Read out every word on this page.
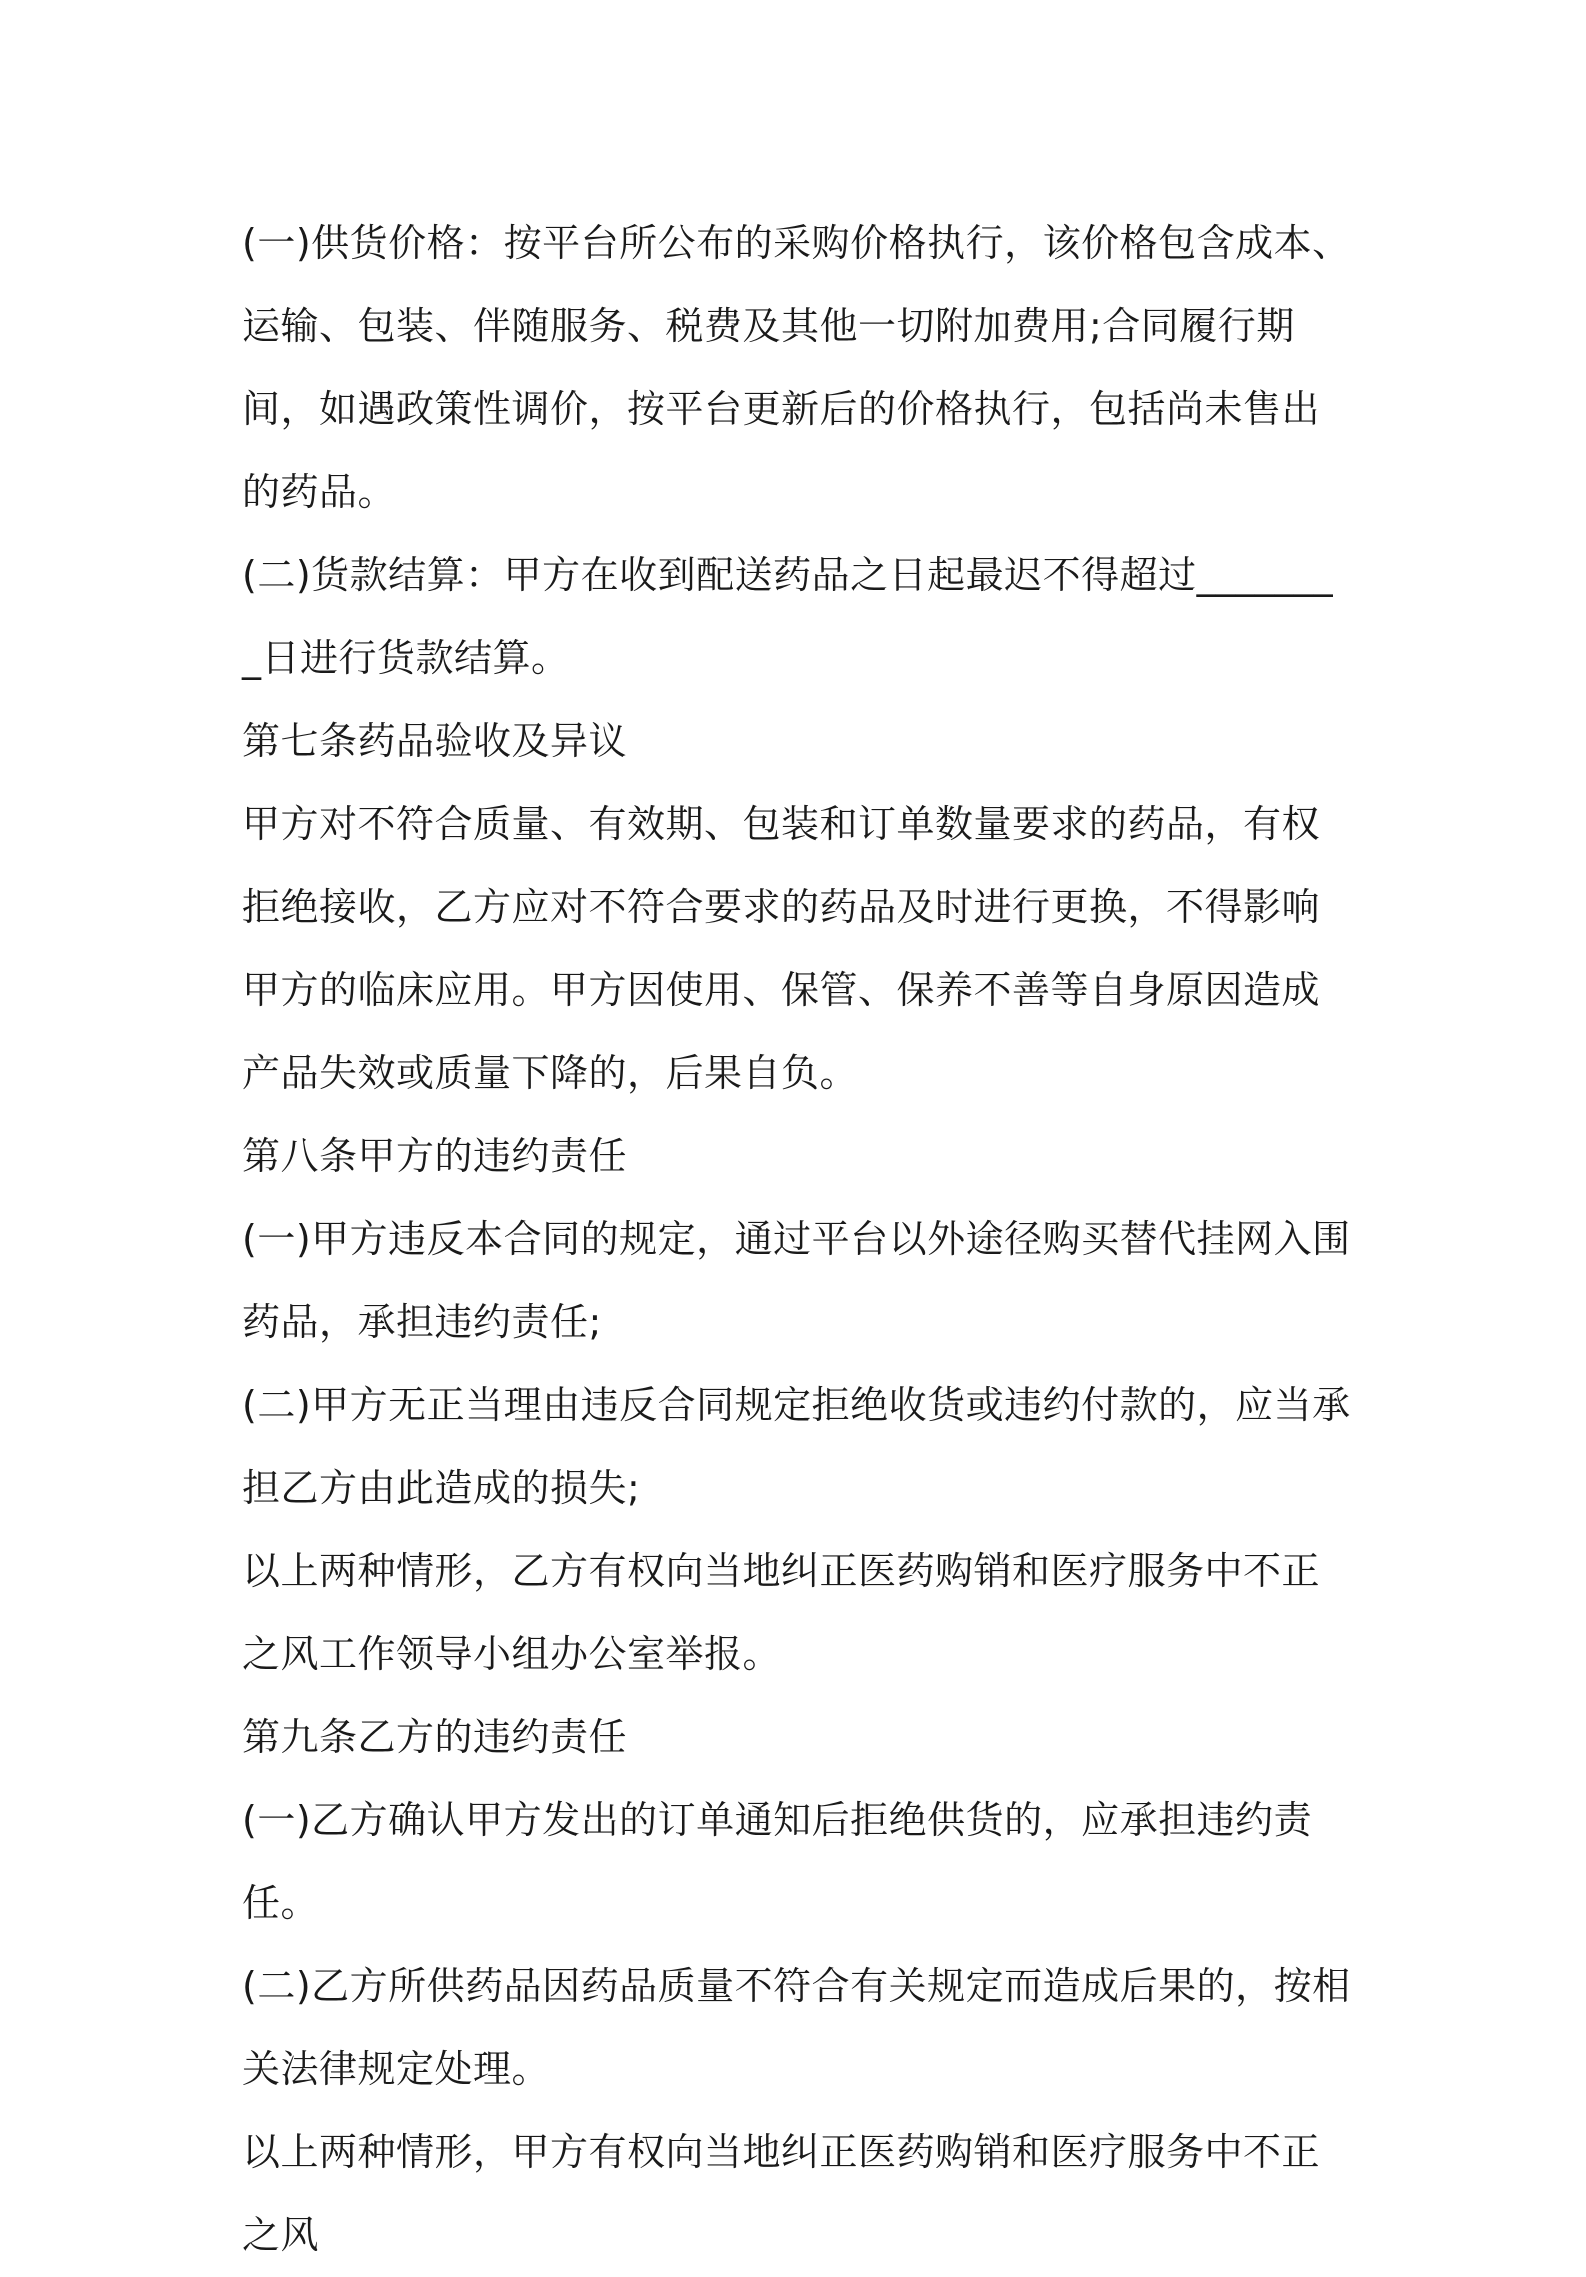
(一)供货价格：按平台所公布的采购价格执行，该价格包含成本、运输、包装、伴随服务、税费及其他一切附加费用;合同履行期间，如遇政策性调价，按平台更新后的价格执行，包括尚未售出的药品。

(二)货款结算：甲方在收到配送药品之日起最迟不得超过________日进行货款结算。

第七条药品验收及异议

甲方对不符合质量、有效期、包装和订单数量要求的药品，有权拒绝接收，乙方应对不符合要求的药品及时进行更换，不得影响甲方的临床应用。甲方因使用、保管、保养不善等自身原因造成产品失效或质量下降的，后果自负。

第八条甲方的违约责任

(一)甲方违反本合同的规定，通过平台以外途径购买替代挂网入围药品，承担违约责任;

(二)甲方无正当理由违反合同规定拒绝收货或违约付款的，应当承担乙方由此造成的损失;

以上两种情形，乙方有权向当地纠正医药购销和医疗服务中不正之风工作领导小组办公室举报。

第九条乙方的违约责任

(一)乙方确认甲方发出的订单通知后拒绝供货的，应承担违约责任。

(二)乙方所供药品因药品质量不符合有关规定而造成后果的，按相关法律规定处理。

以上两种情形，甲方有权向当地纠正医药购销和医疗服务中不正之风
